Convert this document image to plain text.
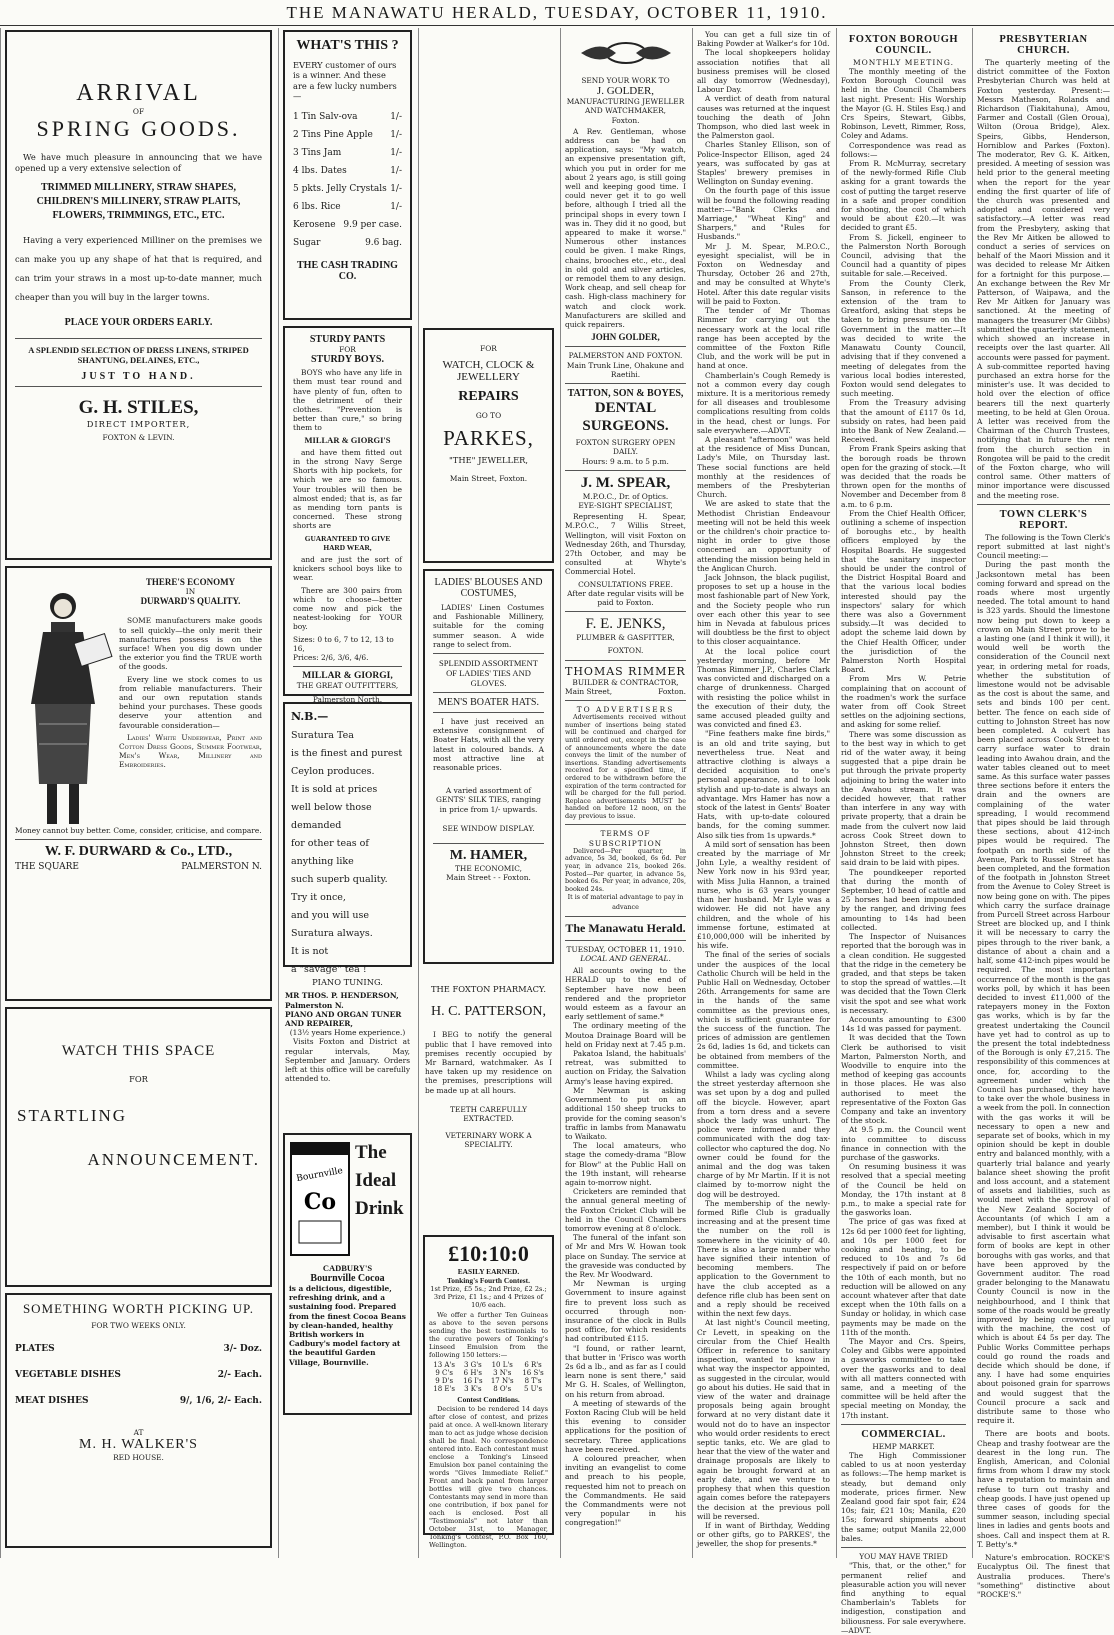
THE MANAWATU HERALD, TUESDAY, OCTOBER 11, 1910.
ARRIVAL
OF
SPRING GOODS.
We have much pleasure in announcing that we have opened up a very extensive selection of
TRIMMED MILLINERY, STRAW SHAPES, CHILDREN'S MILLINERY, STRAW PLAITS, FLOWERS, TRIMMINGS, ETC., ETC.
Having a very experienced Milliner on the premises we can make you up any shape of hat that is required, and can trim your straws in a most up-to-date manner, much cheaper than you will buy in the larger towns.
PLACE YOUR ORDERS EARLY.
A SPLENDID SELECTION OF DRESS LINENS, STRIPED SHANTUNG, DELAINES, ETC.,
JUST TO HAND.
G. H. STILES,
DIRECT IMPORTER,
FOXTON & LEVIN.
THERE'S ECONOMY
IN
DURWARD'S QUALITY.
SOME manufacturers make goods to sell quickly—the only merit their manufactures possess is on the surface! When you dig down under the exterior you find the TRUE worth of the goods.
Every line we stock comes to us from reliable manufacturers. Their and our own reputation stands behind your purchases. These goods deserve your attention and favourable consideration—
Ladies' White Underwear, Print and Cotton Dress Goods, Summer Footwear, Men's Wear, Millinery and Embroideries.
Money cannot buy better. Come, consider, criticise, and compare.
W. F. DURWARD & Co., LTD.,
THE SQUARE	PALMERSTON N.
WATCH THIS SPACE
FOR
STARTLING
ANNOUNCEMENT.
SOMETHING WORTH PICKING UP.
FOR TWO WEEKS ONLY.
PLATES	3/- Doz.
VEGETABLE DISHES	2/- Each.
MEAT DISHES	9/, 1/6, 2/- Each.
AT
M. H. WALKER'S
RED HOUSE.
WHAT'S THIS ?
EVERY customer of ours is a winner. And these are a few lucky numbers—
1 Tin Salv-ova	1/-
2 Tins Pine Apple 1/-
3 Tins Jam	1/-
4 lbs. Dates	1/-
5 pkts. Jelly Crystals 1/-
6 lbs. Rice	1/-
Kerosene 9.9 per case.
Sugar	9.6 bag.
THE CASH TRADING CO.
STURDY PANTS
FOR
STURDY BOYS.
BOYS who have any life in them must tear round and have plenty of fun, often to the detriment of their clothes. "Prevention is better than cure," so bring them to
MILLAR & GIORGI'S
and have them fitted out in the strong Navy Serge Shorts with hip pockets, for which we are so famous. Your troubles will then be almost ended; that is, as far as mending torn pants is concerned. These strong shorts are
GUARANTEED TO GIVE HARD WEAR,
and are just the sort of knickers school boys like to wear.
There are 300 pairs from which to choose—better come now and pick the neatest-looking for YOUR boy.
Sizes: 0 to 6, 7 to 12, 13 to 16,
Prices: 2/6, 3/6, 4/6.
MILLAR & GIORGI,
THE GREAT OUTFITTERS,
Palmerston North.
N.B.—
Suratura Tea
is the finest and purest
Ceylon produces.
It is sold at prices
well below those demanded
for other teas of
anything like
such superb quality.
Try it once,
and you will use
Suratura always.
It is not
a "savage" tea !
PIANO TUNING.
MR THOS. P. HENDERSON, Palmerston N.
PIANO AND ORGAN TUNER AND REPAIRER,
(13½ years Home experience.)
Visits Foxton and District at regular intervals, May, September and January. Orders left at this office will be carefully attended to.
Bournville
Co
The Ideal Drink
CADBURY'S
Bournville Cocoa
is a delicious, digestible, refreshing drink, and a sustaining food. Prepared from the finest Cocoa Beans by clean-handed, healthy British workers in Cadbury's model factory at the beautiful Garden Village, Bournville.
FOR
WATCH, CLOCK & JEWELLERY
REPAIRS
GO TO
PARKES,
"THE" JEWELLER,
Main Street, Foxton.
LADIES' BLOUSES AND COSTUMES,
LADIES' Linen Costumes and Fashionable Millinery, suitable for the coming summer season. A wide range to select from.
SPLENDID ASSORTMENT OF LADIES' TIES AND GLOVES.
MEN'S BOATER HATS.
I have just received an extensive consignment of Boater Hats, with all the very latest in coloured bands. A most attractive line at reasonable prices.
A varied assortment of GENTS' SILK TIES, ranging in price from 1/- upwards.
SEE WINDOW DISPLAY.
M. HAMER,
THE ECONOMIC,
Main Street - - Foxton.
THE FOXTON PHARMACY.
H. C. PATTERSON,
I BEG to notify the general public that I have removed into premises recently occupied by Mr Barnard, watchmaker. As I have taken up my residence on the premises, prescriptions will be made up at all hours.
TEETH CAREFULLY EXTRACTED.
VETERINARY WORK A SPECIALITY.
£10:10:0
EASILY EARNED.
Tonking's Fourth Contest.
1st Prize, £5 5s.; 2nd Prize, £2 2s.; 3rd Prize, £1 1s.; and 4 Prizes of 10/6 each.
We offer a further Ten Guineas as above to the seven persons sending the best testimonials to the curative powers of Tonking's Linseed Emulsion from the following 150 letters:—
13 A's	3 G's	10 L's	6 R's
9 C's	6 H's	3 N's	16 S's
9 D's	16 I's	17 N's	8 T's
18 E's	3 K's	8 O's	5 U's
Contest Conditions.
Decision to be rendered 14 days after close of contest, and prizes paid at once. A well-known literary man to act as judge whose decision shall be final. No correspondence entered into. Each contestant must enclose a Tonking's Linseed Emulsion box panel containing the words "Gives Immediate Relief." Front and back panel from larger bottles will give two chances. Contestants may send in more than one contribution, if box panel for each is enclosed. Post all "Testimonials" not later than October 31st, to Manager, Tonking's Contest, P.O. Box 160, Wellington.
SEND YOUR WORK TO
J. GOLDER,
MANUFACTURING JEWELLER AND WATCHMAKER,
Foxton.
A Rev. Gentleman, whose address can be had on application, says: "My watch, an expensive presentation gift, which you put in order for me about 2 years ago, is still going well and keeping good time. I could never get it to go well before, although I tried all the principal shops in every town I was in. They did it no good, but appeared to make it worse." Numerous other instances could be given. I make Rings, chains, brooches etc., etc., deal in old gold and silver articles, or remodel them to any design. Work cheap, and sell cheap for cash. High-class machinery for watch and clock work. Manufacturers are skilled and quick repairers.
JOHN GOLDER,
PALMERSTON AND FOXTON.
Main Trunk Line, Ohakune and Raetihi.
TATTON, SON & BOYES,
DENTAL SURGEONS.
FOXTON SURGERY OPEN DAILY.
Hours: 9 a.m. to 5 p.m.
J. M. SPEAR,
M.P.O.C., Dr. of Optics.
EYE-SIGHT SPECIALIST,
Representing H. Spear, M.P.O.C., 7 Willis Street, Wellington, will visit Foxton on Wednesday 26th, and Thursday, 27th October, and may be consulted at Whyte's Commercial Hotel.
CONSULTATIONS FREE.
After date regular visits will be paid to Foxton.
F. E. JENKS,
PLUMBER & GASFITTER,
FOXTON.
THOMAS RIMMER
BUILDER & CONTRACTOR,
Main Street,	Foxton.
TO ADVERTISERS
Advertisements received without number of insertions being stated will be continued and charged for until ordered out, except in the case of announcements where the date conveys the limit of the number of insertions. Standing advertisements received for a specified time, if ordered to be withdrawn before the expiration of the term contracted for will be charged for the full period. Replace advertisements MUST be handed on before 12 noon, on the day previous to issue.
TERMS OF SUBSCRIPTION
Delivered—Per quarter, in advance, 5s 3d, booked, 6s 6d. Per year, in advance 21s, booked 26s. Posted—Per quarter, in advance 5s, booked 6s. Per year, in advance, 20s, booked 24s.
It is of material advantage to pay in advance
The Manawatu Herald.
TUESDAY, OCTOBER 11, 1910.
LOCAL AND GENERAL.
All accounts owing to the HERALD up to the end of September have now been rendered and the proprietor would esteem as a favour an early settlement of same.*
The ordinary meeting of the Moutoa Drainage Board will be held on Friday next at 7.45 p.m.
Pakatoa Island, the habituals' retreat, was submitted to auction on Friday, the Salvation Army's lease having expired.
Mr Newman is asking Government to put on an additional 150 sheep trucks to provide for the coming season's traffic in lambs from Manawatu to Waikato.
The local amateurs, who stage the comedy-drama "Blow for Blow" at the Public Hall on the 19th instant, will rehearse again to-morrow night.
Cricketers are reminded that the annual general meeting of the Foxton Cricket Club will be held in the Council Chambers tomorrow evening at 8 o'clock.
The funeral of the infant son of Mr and Mrs W. Howan took place on Sunday. The service at the graveside was conducted by the Rev. Mr Woodward.
Mr Newman is urging Government to insure against fire to prevent loss such as occurred through non-insurance of the clock in Bulls post office, for which residents had contributed £115.
"I found, or rather learnt, that butter in 'Frisco was worth 2s 6d a lb., and as far as I could learn none is sent there," said Mr G. H. Scales, of Wellington, on his return from abroad.
A meeting of stewards of the Foxton Racing Club will be held this evening to consider applications for the position of secretary. Three applications have been received.
A coloured preacher, when inviting an evangelist to come and preach to his people, requested him not to preach on the Commandments. He said the Commandments were not very popular in his congregation!"
You can get a full size tin of Baking Powder at Walker's for 10d.
The local shopkeepers holiday association notifies that all business premises will be closed all day tomorrow (Wednesday), Labour Day.
A verdict of death from natural causes was returned at the inquest touching the death of John Thompson, who died last week in the Palmerston gaol.
Charles Stanley Ellison, son of Police-Inspector Ellison, aged 24 years, was suffocated by gas at Staples' brewery premises in Wellington on Sunday evening.
On the fourth page of this issue will be found the following reading matter:—"Bank Clerks and Marriage," "Wheat King" and Sharpers," and "Rules for Husbands."
Mr J. M. Spear, M.P.O.C., eyesight specialist, will be in Foxton on Wednesday and Thursday, October 26 and 27th, and may be consulted at Whyte's Hotel. After this date regular visits will be paid to Foxton.
The tender of Mr Thomas Rimmer for carrying out the necessary work at the local rifle range has been accepted by the committee of the Foxton Rifle Club, and the work will be put in hand at once.
Chamberlain's Cough Remedy is not a common every day cough mixture. It is a meritorious remedy for all diseases and troublesome complications resulting from colds in the head, chest or lungs. For sale everywhere.—ADVT.
A pleasant "afternoon" was held at the residence of Miss Duncan, Lady's Mile, on Thursday last. These social functions are held monthly at the residences of members of the Presbyterian Church.
We are asked to state that the Methodist Christian Endeavour meeting will not be held this week or the children's choir practice to-night in order to give those concerned an opportunity of attending the mission being held in the Anglican Church.
Jack Johnson, the black pugilist, proposes to set up a house in the most fashionable part of New York, and the Society people who run over each other this year to see him in Nevada at fabulous prices will doubtless be the first to object to this closer acquaintance.
At the local police court yesterday morning, before Mr Thomas Rimmer J.P., Charles Clark was convicted and discharged on a charge of drunkenness. Charged with resisting the police whilst in the execution of their duty, the same accused pleaded guilty and was convicted and fined £3.
"Fine feathers make fine birds," is an old and trite saying, but nevertheless true. Neat and attractive clothing is always a decided acquisition to one's personal appearance, and to look stylish and up-to-date is always an advantage. Mrs Hamer has now a stock of the latest in Gents' Boater Hats, with up-to-date coloured bands, for the coming summer. Also silk ties from 1s upwards.*
A mild sort of sensation has been created by the marriage of Mr John Lyle, a wealthy resident of New York now in his 93rd year, with Miss Julia Hannon, a trained nurse, who is 63 years younger than her husband. Mr Lyle was a widower. He did not have any children, and the whole of his immense fortune, estimated at £10,000,000 will be inherited by his wife.
The final of the series of socials under the auspices of the local Catholic Church will be held in the Public Hall on Wednesday, October 26th. Arrangements for same are in the hands of the same committee as the previous ones, which is sufficient guarantee for the success of the function. The prices of admission are gentlemen 2s 6d, ladies 1s 6d, and tickets can be obtained from members of the committee.
Whilst a lady was cycling along the street yesterday afternoon she was set upon by a dog and pulled off the bicycle. However, apart from a torn dress and a severe shock the lady was unhurt. The police were informed and they communicated with the dog tax-collector who captured the dog. No owner could be found for the animal and the dog was taken charge of by Mr Martin. If it is not claimed by to-morrow night the dog will be destroyed.
The membership of the newly-formed Rifle Club is gradually increasing and at the present time the number on the roll is somewhere in the vicinity of 40. There is also a large number who have signified their intention of becoming members. The application to the Government to have the club accepted as a defence rifle club has been sent on and a reply should be received within the next few days.
At last night's Council meeting, Cr Levett, in speaking on the circular from the Chief Health Officer in reference to sanitary inspection, wanted to know in what way the inspector appointed, as suggested in the circular, would go about his duties. He said that in view of the water and drainage proposals being again brought forward at no very distant date it would not do to have an inspector who would order residents to erect septic tanks, etc. We are glad to hear that the view of the water and drainage proposals are likely to again be brought forward at an early date, and we venture to prophesy that when this question again comes before the ratepayers the decision at the previous poll will be reversed.
If in want of Birthday, Wedding or other gifts, go to PARKES', the jeweller, the shop for presents.*
FOXTON BOROUGH COUNCIL.
MONTHLY MEETING.
The monthly meeting of the Foxton Borough Council was held in the Council Chambers last night. Present: His Worship the Mayor (G. H. Stiles Esq.) and Crs Speirs, Stewart, Gibbs, Robinson, Levett, Rimmer, Ross, Coley and Adams.
Correspondence was read as follows:—
From R. McMurray, secretary of the newly-formed Rifle Club asking for a grant towards the cost of putting the target reserve in a safe and proper condition for shooting, the cost of which would be about £20.—It was decided to grant £5.
From S. Jickell, engineer to the Palmerston North Borough Council, advising that the Council had a quantity of pipes suitable for sale.—Received.
From the County Clerk, Sanson, in reference to the extension of the tram to Greatford, asking that steps be taken to bring pressure on the Government in the matter.—It was decided to write the Manawatu County Council, advising that if they convened a meeting of delegates from the various local bodies interested, Foxton would send delegates to such meeting.
From the Treasury advising that the amount of £117 0s 1d, subsidy on rates, had been paid into the Bank of New Zealand.—Received.
From Frank Speirs asking that the borough roads be thrown open for the grazing of stock.—It was decided that the roads be thrown open for the months of November and December from 8 a.m. to 6 p.m.
From the Chief Health Officer, outlining a scheme of inspection of boroughs etc., by health officers employed by the Hospital Boards. He suggested that the sanitary inspector should be under the control of the District Hospital Board and that the various local bodies interested should pay the inspectors' salary for which there was also a Government subsidy.—It was decided to adopt the scheme laid down by the Chief Health Officer, under the jurisdiction of the Palmerston North Hospital Board.
From Mrs W. Petrie complaining that on account of the roadmen's work the surface water from off Cook Street settles on the adjoining sections, and asking for some relief.
There was some discussion as to the best way in which to get rid of the water away, it being suggested that a pipe drain be put through the private property adjoining to bring the water into the Awahou stream. It was decided however, that rather than interfere in any way with private property, that a drain be made from the culvert now laid across Cook Street down to Johnston Street, then down Johnston Street to the creek; said drain to be laid with pipes.
The poundkeeper reported that during the month of September, 10 head of cattle and 25 horses had been impounded by the ranger, and driving fees amounting to 14s had been collected.
The Inspector of Nuisances reported that the borough was in a clean condition. He suggested that the ridge in the cemetery be graded, and that steps be taken to stop the spread of wattles.—It was decided that the Town Clerk visit the spot and see what work is necessary.
Accounts amounting to £300 14s 1d was passed for payment.
It was decided that the Town Clerk be authorised to visit Marton, Palmerston North, and Woodville to enquire into the method of keeping gas accounts in those places. He was also authorised to meet the representative of the Foxton Gas Company and take an inventory of the stock.
At 9.5 p.m. the Council went into committee to discuss finance in connection with the purchase of the gasworks.
On resuming business it was resolved that a special meeting of the Council be held on Monday, the 17th instant at 8 p.m., to make a special rate for the gasworks loan.
The price of gas was fixed at 12s 6d per 1000 feet for lighting, and 10s per 1000 feet for cooking and heating, to be reduced to 10s and 7s 6d respectively if paid on or before the 10th of each month, but no reduction will be allowed on any account whatever after that date except when the 10th falls on a Sunday or holiday, in which case payments may be made on the 11th of the month.
The Mayor and Crs. Speirs, Coley and Gibbs were appointed a gasworks committee to take over the gasworks and to deal with all matters connected with same, and a meeting of the committee will be held after the special meeting on Monday, the 17th instant.
COMMERCIAL.
HEMP MARKET.
The High Commissioner cabled to us at noon yesterday as follows:—The hemp market is steady, but demand only moderate, prices firmer. New Zealand good fair spot fair, £24 10s; fair, £21 10s; Manila, £20 15s; forward shipments about the same; output Manila 22,000 bales.
YOU MAY HAVE TRIED
"This, that, or the other," for permanent relief and pleasurable action you will never find anything to equal Chamberlain's Tablets for indigestion, constipation and biliousness. For sale everywhere.—ADVT.
PRESBYTERIAN CHURCH.
The quarterly meeting of the district committee of the Foxton Presbyterian Church was held at Foxton yesterday. Present:—Messrs Matheson, Rolands and Richardson (Tiakitahuna), Amou, Farmer and Costall (Glen Oroua), Wilton (Oroua Bridge), Alex. Speirs, Gibbs, Henderson, Horniblow and Parkes (Foxton). The moderator, Rev G. K. Aitken, presided. A meeting of session was held prior to the general meeting when the report for the year ending the first quarter of life of the church was presented and adopted and considered very satisfactory.—A letter was read from the Presbytery, asking that the Rev Mr Aitken be allowed to conduct a series of services on behalf of the Maori Mission and it was decided to release Mr Aitken for a fortnight for this purpose.—An exchange between the Rev Mr Patterson, of Waipawa, and the Rev Mr Aitken for January was sanctioned. At the meeting of managers the treasurer (Mr Gibbs) submitted the quarterly statement, which showed an increase in receipts over the last quarter. All accounts were passed for payment. A sub-committee reported having purchased an extra horse for the minister's use. It was decided to hold over the election of office bearers till the next quarterly meeting, to be held at Glen Oroua. A letter was received from the Chairman of the Church Trustees, notifying that in future the rent from the church section in Rongotea will be paid to the credit of the Foxton charge, who will control same. Other matters of minor importance were discussed and the meeting rose.
TOWN CLERK'S REPORT.
The following is the Town Clerk's report submitted at last night's Council meeting:—
During the past month the Jacksontown metal has been coming forward and spread on the roads where most urgently needed. The total amount to hand is 323 yards. Should the limestone now being put down to keep a crown on Main Street prove to be a lasting one (and I think it will), it would well be worth the consideration of the Council next year, in ordering metal for roads, whether the substitution of limestone would not be advisable as the cost is about the same, and sets and binds 100 per cent. better. The fence on each side of cutting to Johnston Street has now been completed. A culvert has been placed across Cook Street to carry surface water to drain leading into Awahou drain, and the water tables cleaned out to meet same. As this surface water passes three sections before it enters the drain and the owners are complaining of the water spreading, I would recommend that pipes should be laid through these sections, about 412-inch pipes would be required. The footpath on north side of the Avenue, Park to Russel Street has been completed, and the formation of the footpath in Johnston Street from the Avenue to Coley Street is now being gone on with. The pipes which carry the surface drainage from Purcell Street across Harbour Street are blocked up, and I think it will be necessary to carry the pipes through to the river bank, a distance of about a chain and a half, some 412-inch pipes would be required. The most important occurrence of the month is the gas works poll, by which it has been decided to invest £11,000 of the ratepayers money in the Foxton gas works, which is by far the greatest undertaking the Council have yet had to control as up to the present the total indebtedness of the Borough is only £7,215. The responsibility of this commences at once, for, according to the agreement under which the Council has purchased, they have to take over the whole business in a week from the poll. In connection with the gas works it will be necessary to open a new and separate set of books, which in my opinion should be kept in double entry and balanced monthly, with a quarterly trial balance and yearly balance sheet showing the profit and loss account, and a statement of assets and liabilities, such as would meet with the approval of the New Zealand Society of Accountants (of which I am a member), but I think it would be advisable to first ascertain what form of books are kept in other boroughs with gas works, and that have been approved by the Government auditor. The road grader belonging to the Manawatu County Council is now in the neighbourhood, and I think that some of the roads would be greatly improved by being crowned up with the machine, the cost of which is about £4 5s per day. The Public Works Committee perhaps could go round the roads and decide which should be done, if any. I have had some enquiries about poisoned grain for sparrows and would suggest that the Council procure a sack and distribute same to those who require it.
There are boots and boots. Cheap and trashy footwear are the dearest in the long run. The English, American, and Colonial firms from whom I draw my stock have a reputation to maintain and refuse to turn out trashy and cheap goods. I have just opened up three cases of goods for the summer season, including special lines in ladies and gents boots and shoes. Call and inspect them at R. T. Betty's.*
Nature's embrocation. ROCKE'S Eucalyptus Oil. The finest that Australia produces. There's "something" distinctive about "ROCKE'S."
